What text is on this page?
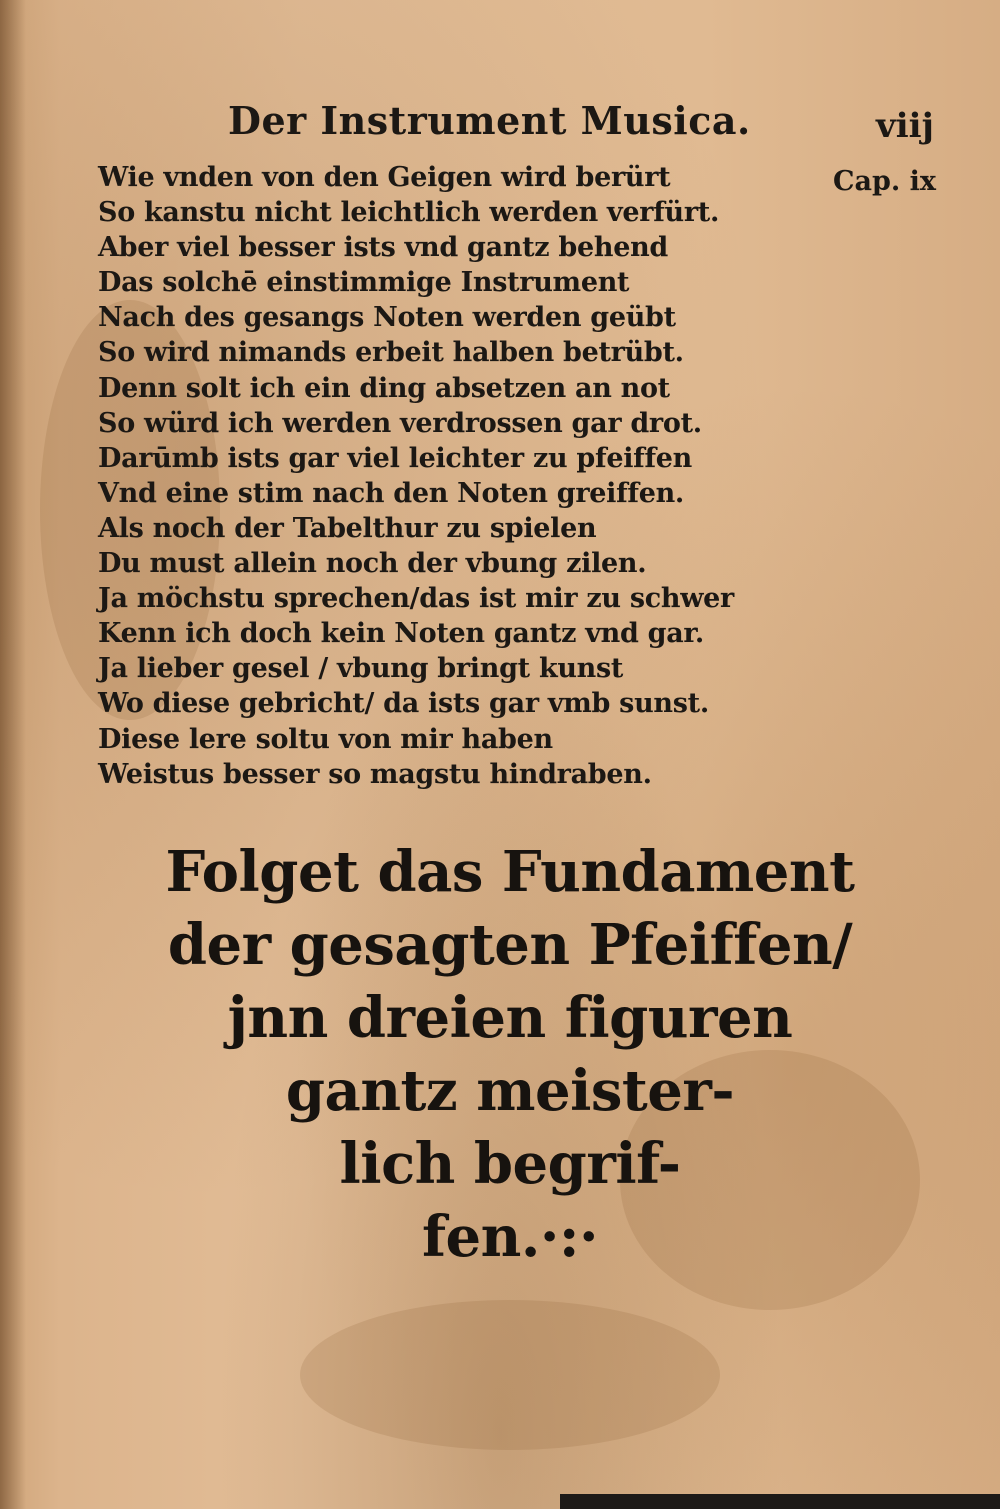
Der Instrument Musica.	viij
Cap. ix
Wie vnden von den Geigen wird berürt
So kanstu nicht leichtlich werden verfürt.
Aber viel besser ists vnd gantz behend
Das solchē einstimmige Instrument
Nach des gesangs Noten werden geübt
So wird nimands erbeit halben betrübt.
Denn solt ich ein ding absetzen an not
So würd ich werden verdrossen gar drot.
Darūmb ists gar viel leichter zu pfeiffen
Vnd eine stim nach den Noten greiffen.
Als noch der Tabelthur zu spielen
Du must allein noch der vbung zilen.
Ja möchstu sprechen/das ist mir zu schwer
Kenn ich doch kein Noten gantz vnd gar.
Ja lieber gesel / vbung bringt kunst
Wo diese gebricht/ da ists gar vmb sunst.
Diese lere soltu von mir haben
Weistus besser so magstu hindraben.
Folget das Fundament
der gesagten Pfeiffen/
jnn dreien figuren
gantz meister-
lich begrif-
fen.·:·
